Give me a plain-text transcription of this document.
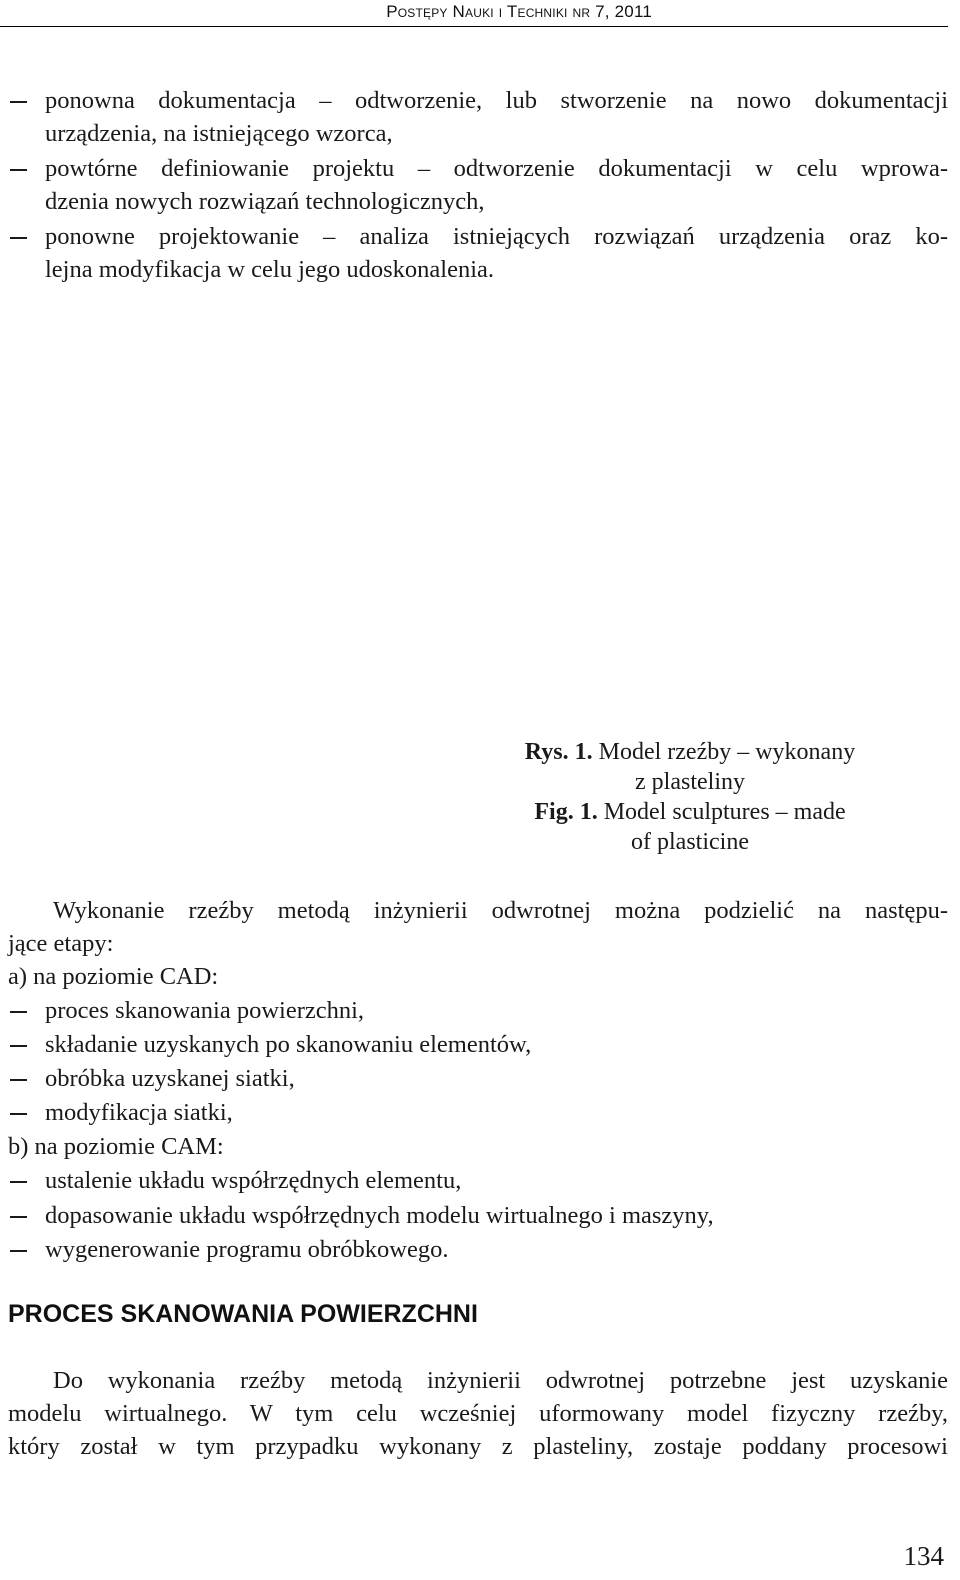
Postępy Nauki i Techniki nr 7, 2011
ponowna dokumentacja – odtworzenie, lub stworzenie na nowo dokumentacji
urządzenia, na istniejącego wzorca,
powtórne definiowanie projektu – odtworzenie dokumentacji w celu wprowa-
dzenia nowych rozwiązań technologicznych,
ponowne projektowanie – analiza istniejących rozwiązań urządzenia oraz ko-
lejna modyfikacja w celu jego udoskonalenia.
Rys. 1. Model rzeźby – wykonany
z plasteliny
Fig. 1. Model sculptures – made
of plasticine
Wykonanie rzeźby metodą inżynierii odwrotnej można podzielić na następu-
jące etapy:
a) na poziomie CAD:
proces skanowania powierzchni,
składanie uzyskanych po skanowaniu elementów,
obróbka uzyskanej siatki,
modyfikacja siatki,
b) na poziomie CAM:
ustalenie układu współrzędnych elementu,
dopasowanie układu współrzędnych modelu wirtualnego i maszyny,
wygenerowanie programu obróbkowego.
PROCES SKANOWANIA POWIERZCHNI
Do wykonania rzeźby metodą inżynierii odwrotnej potrzebne jest uzyskanie
modelu wirtualnego. W tym celu wcześniej uformowany model fizyczny rzeźby,
który został w tym przypadku wykonany z plasteliny, zostaje poddany procesowi
134
